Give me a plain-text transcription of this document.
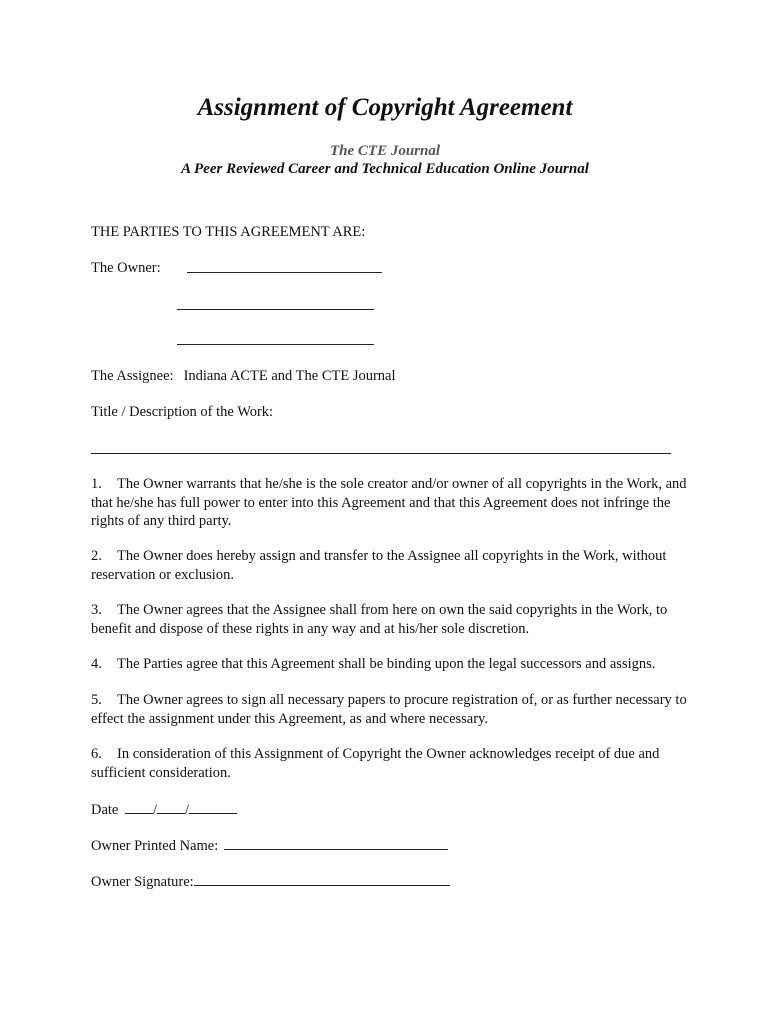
Assignment of Copyright Agreement
The CTE Journal
A Peer Reviewed Career and Technical Education Online Journal
THE PARTIES TO THIS AGREEMENT ARE:
The Owner:
The Assignee: Indiana ACTE and The CTE Journal
Title / Description of the Work:
1. The Owner warrants that he/she is the sole creator and/or owner of all copyrights in the Work, and that he/she has full power to enter into this Agreement and that this Agreement does not infringe the rights of any third party.
2. The Owner does hereby assign and transfer to the Assignee all copyrights in the Work, without reservation or exclusion.
3. The Owner agrees that the Assignee shall from here on own the said copyrights in the Work, to benefit and dispose of these rights in any way and at his/her sole discretion.
4. The Parties agree that this Agreement shall be binding upon the legal successors and assigns.
5. The Owner agrees to sign all necessary papers to procure registration of, or as further necessary to effect the assignment under this Agreement, as and where necessary.
6. In consideration of this Assignment of Copyright the Owner acknowledges receipt of due and sufficient consideration.
Date / /
Owner Printed Name:
Owner Signature:
